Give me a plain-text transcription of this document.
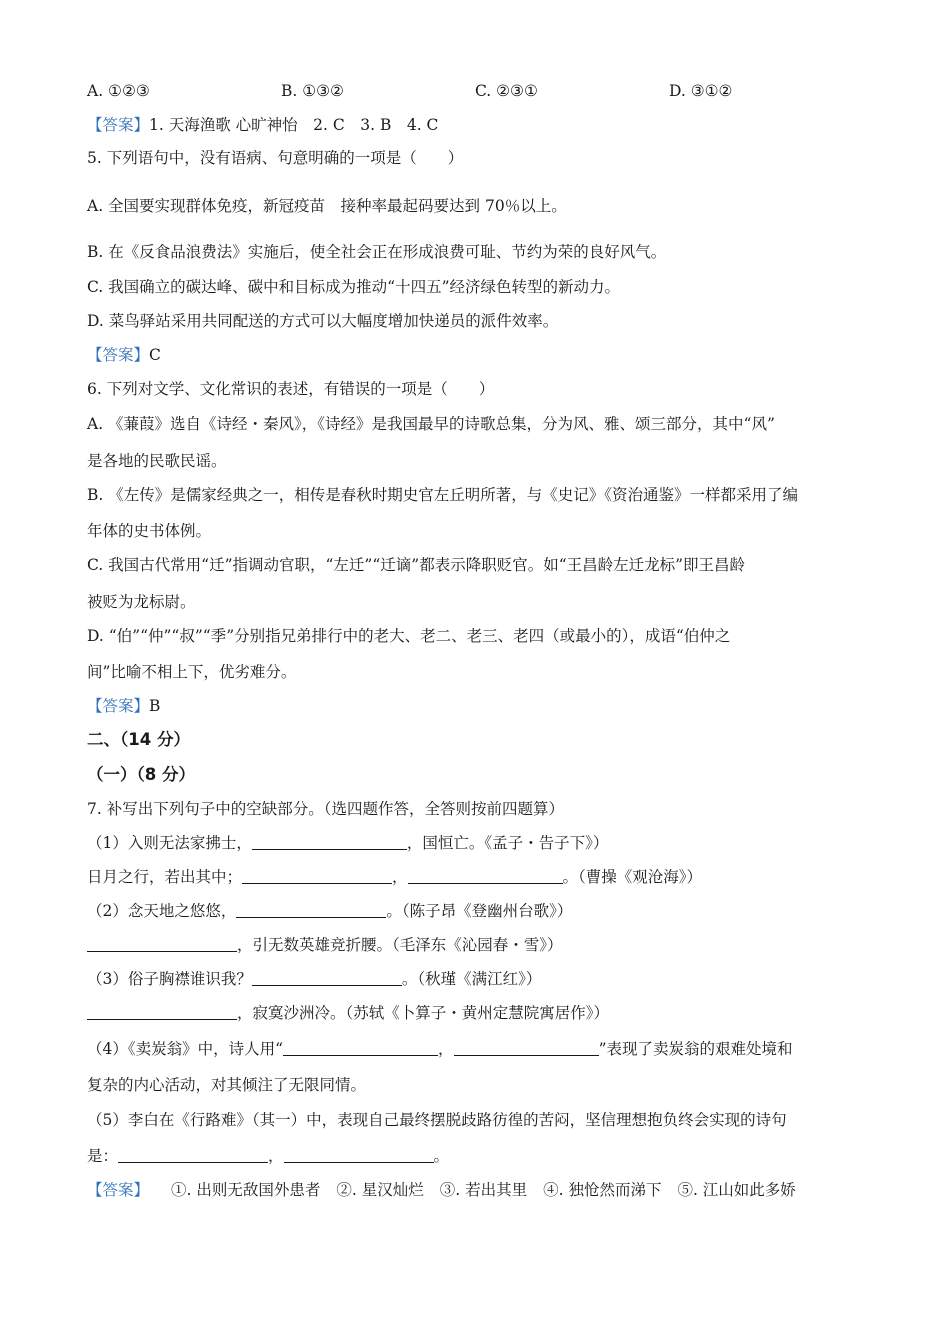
A. ①②③	B. ①③②	C. ②③①	D. ③①②
【答案】1. 天海渔歌 心旷神怡　2. C　3. B　4. C
5. 下列语句中，没有语病、句意明确的一项是（　　）
A. 全国要实现群体免疫，新冠疫苗　接种率最起码要达到 70％以上。
B. 在《反食品浪费法》实施后，使全社会正在形成浪费可耻、节约为荣的良好风气。
C. 我国确立的碳达峰、碳中和目标成为推动“十四五”经济绿色转型的新动力。
D. 菜鸟驿站采用共同配送的方式可以大幅度增加快递员的派件效率。
【答案】C
6. 下列对文学、文化常识的表述，有错误的一项是（　　）
A. 《蒹葭》选自《诗经・秦风》，《诗经》是我国最早的诗歌总集，分为风、雅、颂三部分，其中“风”
是各地的民歌民谣。
B. 《左传》是儒家经典之一，相传是春秋时期史官左丘明所著，与《史记》《资治通鉴》一样都采用了编
年体的史书体例。
C. 我国古代常用“迁”指调动官职，“左迁”“迁谪”都表示降职贬官。如“王昌龄左迁龙标”即王昌龄
被贬为龙标尉。
D. “伯”“仲”“叔”“季”分别指兄弟排行中的老大、老二、老三、老四（或最小的），成语“伯仲之
间”比喻不相上下，优劣难分。
【答案】B
二、（14 分）
（一）（8 分）
7. 补写出下列句子中的空缺部分。（选四题作答，全答则按前四题算）
（1）入则无法家拂士，	，国恒亡。《孟子・告子下》）
日月之行，若出其中；	，	。（曹操《观沧海》）
（2）念天地之悠悠，	。（陈子昂《登幽州台歌》）
，引无数英雄竞折腰。（毛泽东《沁园春・雪》）
（3）俗子胸襟谁识我？	。（秋瑾《满江红》）
，寂寞沙洲冷。（苏轼《卜算子・黄州定慧院寓居作》）
（4）《卖炭翁》中，诗人用“	，	”表现了卖炭翁的艰难处境和
复杂的内心活动，对其倾注了无限同情。
（5）李白在《行路难》（其一）中，表现自己最终摆脱歧路彷徨的苦闷，坚信理想抱负终会实现的诗句
是：	，	。
【答案】 ①. 出则无敌国外患者 ②. 星汉灿烂 ③. 若出其里 ④. 独怆然而涕下 ⑤. 江山如此多娇
